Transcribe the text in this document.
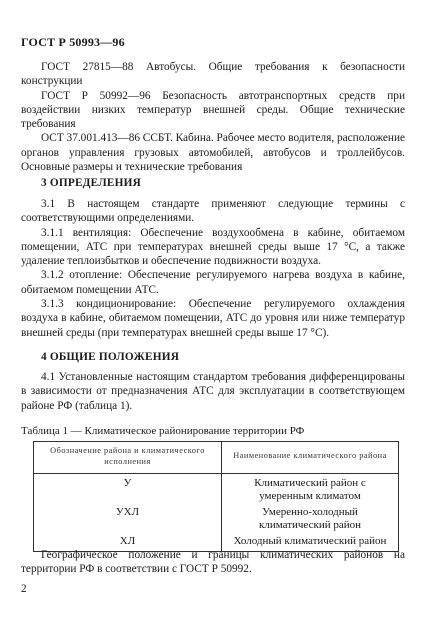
ГОСТ Р 50993—96

ГОСТ 27815—88 Автобусы. Общие требования к безопасности конструкции

ГОСТ Р 50992—96 Безопасность автотранспортных средств при воздействии низких температур внешней среды. Общие технические требования

ОСТ 37.001.413—86 ССБТ. Кабина. Рабочее место водителя, расположение органов управления грузовых автомобилей, автобусов и троллейбусов. Основные размеры и технические требования

3 ОПРЕДЕЛЕНИЯ

3.1 В настоящем стандарте применяют следующие термины с соответствующими определениями.

3.1.1 вентиляция: Обеспечение воздухообмена в кабине, обитаемом помещении, АТС при температурах внешней среды выше 17 °С, а также удаление теплоизбытков и обеспечение подвижности воздуха.

3.1.2 отопление: Обеспечение регулируемого нагрева воздуха в кабине, обитаемом помещении АТС.

3.1.3 кондиционирование: Обеспечение регулируемого охлаждения воздуха в кабине, обитаемом помещении, АТС до уровня или ниже температур внешней среды (при температурах внешней среды выше 17 °С).

4 ОБЩИЕ ПОЛОЖЕНИЯ

4.1 Установленные настоящим стандартом требования дифференцированы в зависимости от предназначения АТС для эксплуатации в соответствующем районе РФ (таблица 1).

Таблица 1 — Климатическое районирование территории РФ
Обозначение района и климатического исполнения	Наименование климатического района
У	Климатический район с умеренным климатом
УХЛ	Умеренно-холодный климатический район
ХЛ	Холодный климатический район

Географическое положение и границы климатических районов на территории РФ в соответствии с ГОСТ Р 50992.

2
